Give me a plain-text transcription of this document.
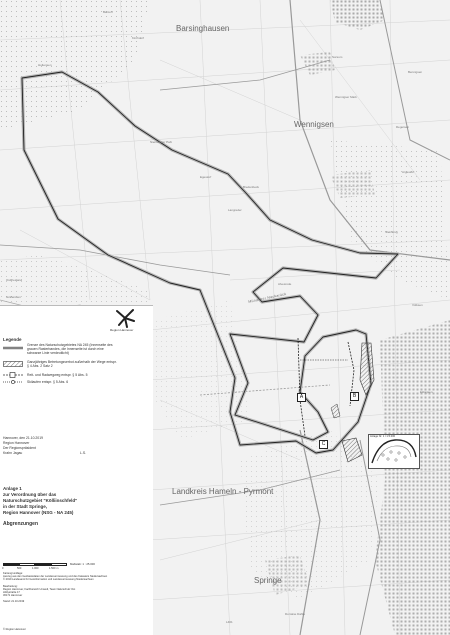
A	B
C
Barsinghausen
Wennigsen
Springe
Landkreis Hameln - Pyrmont
Mündener Nackarück
Holtensen
Bredenbeck
Sorsum
Degersen
Wennigser Mark
Argestorf
Steinkrug
Völksen
Alvesrode
Eldagsen
Bennigsen
Langreder
Egestorf
Nienstedter Paß
Kirchdorf
Bantorf
Gräfensten
Ostfriesland
Domäne Dahle
L401
Anlage Nr. 1 / 1:5.000
Region Hannover
Legende
Grenze des Naturschutzgebietes NA 245 (Innenseite des grauen Rasterbandes, die Innenseite ist durch eine schwarze Linie verdeutlicht)
Ganzjähriges Betretungsverbot außerhalb der Wege entspr. § 4 Abs. 2 Satz 2
Reit- und Radwegweg entspr. § 5 Abs. 5
Skilaufen entspr. § 5 Abs. 6
Hannover, den 21.10.2019
Region Hannover
Der Regionspräsident
Krahn Jagau	L.S.
Anlage 1
zur Verordnung über das
Naturschutzgebiet "Kölliinschfeld"
in der Stadt Springe,
Region Hannover (NSG - NA 245)
Abgrenzungen
0	500	1.000	1.500 m
Maßstab: 1 : 25.000
Kartengrundlage:
Auszug aus den Geobasisdaten der Landesvermessung und des Katasters Niedersachsen
© 2019 Landesamt für Geoinformation und Landesvermessung Niedersachsen
Bearbeitung:
Region Hannover, Fachbereich Umwelt, Team Naturschutz Ost
Höltystraße 17
30171 Hannover
Stand: 21.10.2019
© Region Hannover
